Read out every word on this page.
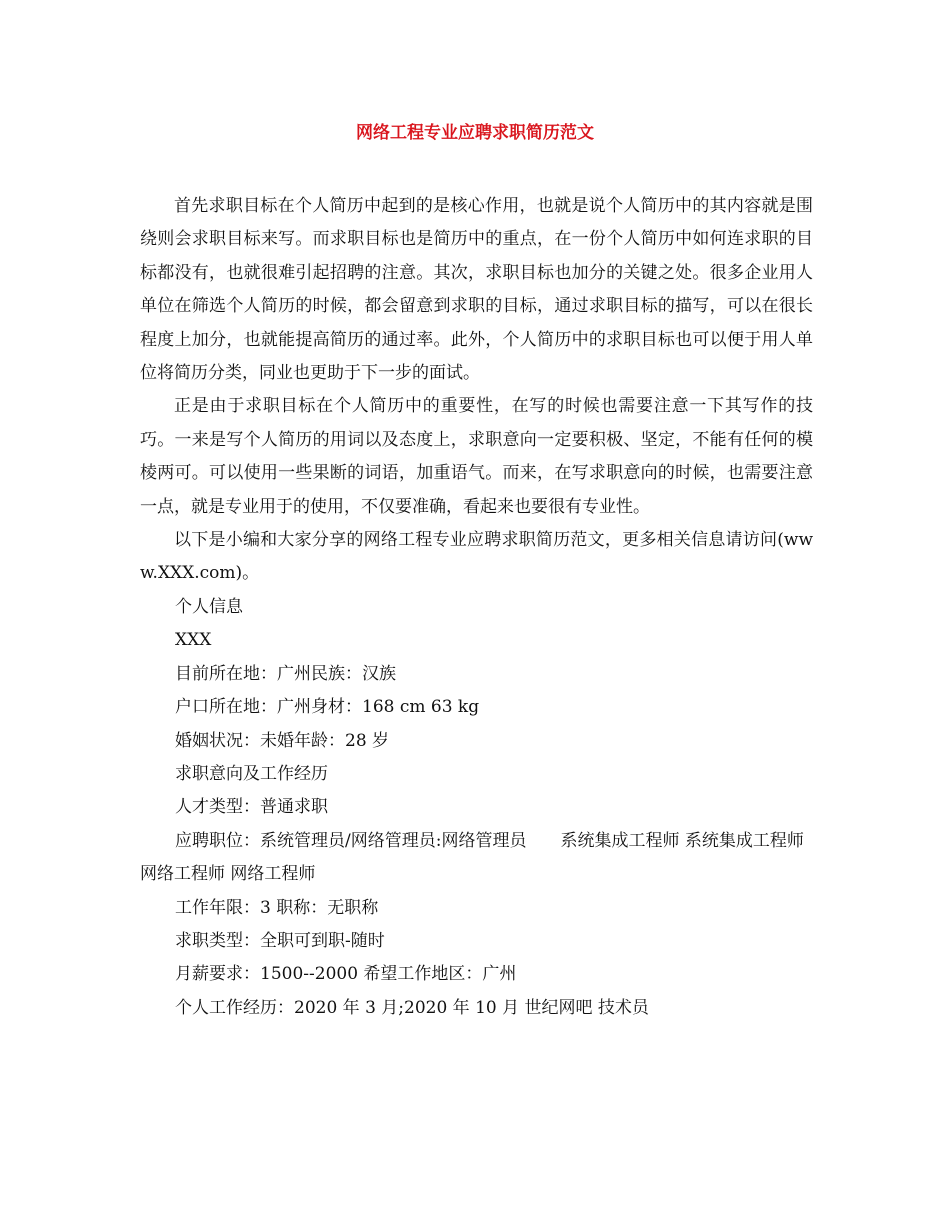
网络工程专业应聘求职简历范文

首先求职目标在个人简历中起到的是核心作用，也就是说个人简历中的其内容就是围绕则会求职目标来写。而求职目标也是简历中的重点，在一份个人简历中如何连求职的目标都没有，也就很难引起招聘的注意。其次，求职目标也加分的关键之处。很多企业用人单位在筛选个人简历的时候，都会留意到求职的目标，通过求职目标的描写，可以在很长程度上加分，也就能提高简历的通过率。此外，个人简历中的求职目标也可以便于用人单位将简历分类，同业也更助于下一步的面试。

正是由于求职目标在个人简历中的重要性，在写的时候也需要注意一下其写作的技巧。一来是写个人简历的用词以及态度上，求职意向一定要积极、坚定，不能有任何的模棱两可。可以使用一些果断的词语，加重语气。而来，在写求职意向的时候，也需要注意一点，就是专业用于的使用，不仅要准确，看起来也要很有专业性。

以下是小编和大家分享的网络工程专业应聘求职简历范文，更多相关信息请访问(www.XXX.com)。

个人信息

XXX

目前所在地：广州民族：汉族

户口所在地：广州身材：168 cm 63 kg

婚姻状况：未婚年龄：28 岁

求职意向及工作经历

人才类型：普通求职

应聘职位：系统管理员/网络管理员:网络管理员　　系统集成工程师 系统集成工程师　　网络工程师 网络工程师

工作年限：3 职称：无职称

求职类型：全职可到职-随时

月薪要求：1500--2000 希望工作地区：广州

个人工作经历：2020 年 3 月;2020 年 10 月 世纪网吧 技术员
